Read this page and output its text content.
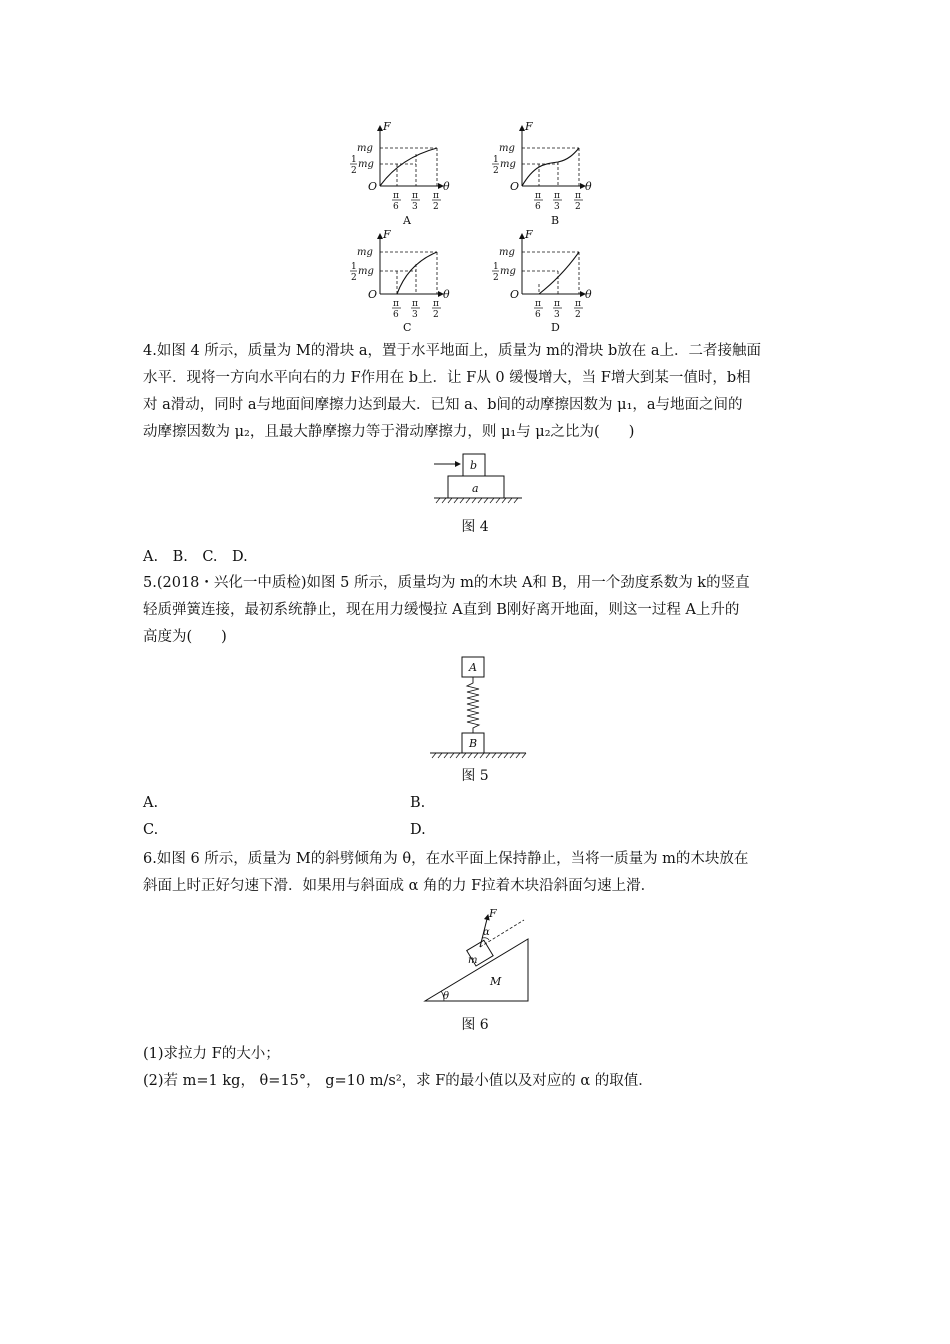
F
θ
O
mg
1
2
mg
π
6
π
3
π
2
A
F
θ
O
mg
1
2
mg
π
6
π
3
π
2
B
F
θ
O
mg
1
2
mg
π
6
π
3
π
2
C
F
θ
O
mg
1
2
mg
π
6
π
3
π
2
D
4.如图 4 所示，质量为 M的滑块 a，置于水平地面上，质量为 m的滑块 b放在 a上．二者接触面
水平．现将一方向水平向右的力 F作用在 b上．让 F从 0 缓慢增大，当 F增大到某一值时，b相
对 a滑动，同时 a与地面间摩擦力达到最大．已知 a、b间的动摩擦因数为 μ₁，a与地面之间的
动摩擦因数为 μ₂，且最大静摩擦力等于滑动摩擦力，则 μ₁与 μ₂之比为(　　)
b
a
图 4
A.　B.　C.　D.
5.(2018・兴化一中质检)如图 5 所示，质量均为 m的木块 A和 B，用一个劲度系数为 k的竖直
轻质弹簧连接，最初系统静止，现在用力缓慢拉 A直到 B刚好离开地面，则这一过程 A上升的
高度为(　　)
A
B
图 5
A.	B.
C.	D.
6.如图 6 所示，质量为 M的斜劈倾角为 θ，在水平面上保持静止，当将一质量为 m的木块放在
斜面上时正好匀速下滑．如果用与斜面成 α 角的力 F拉着木块沿斜面匀速上滑．
F
α
m
M
θ
图 6
(1)求拉力 F的大小；
(2)若 m=1 kg， θ=15°， g=10 m/s²，求 F的最小值以及对应的 α 的取值．
